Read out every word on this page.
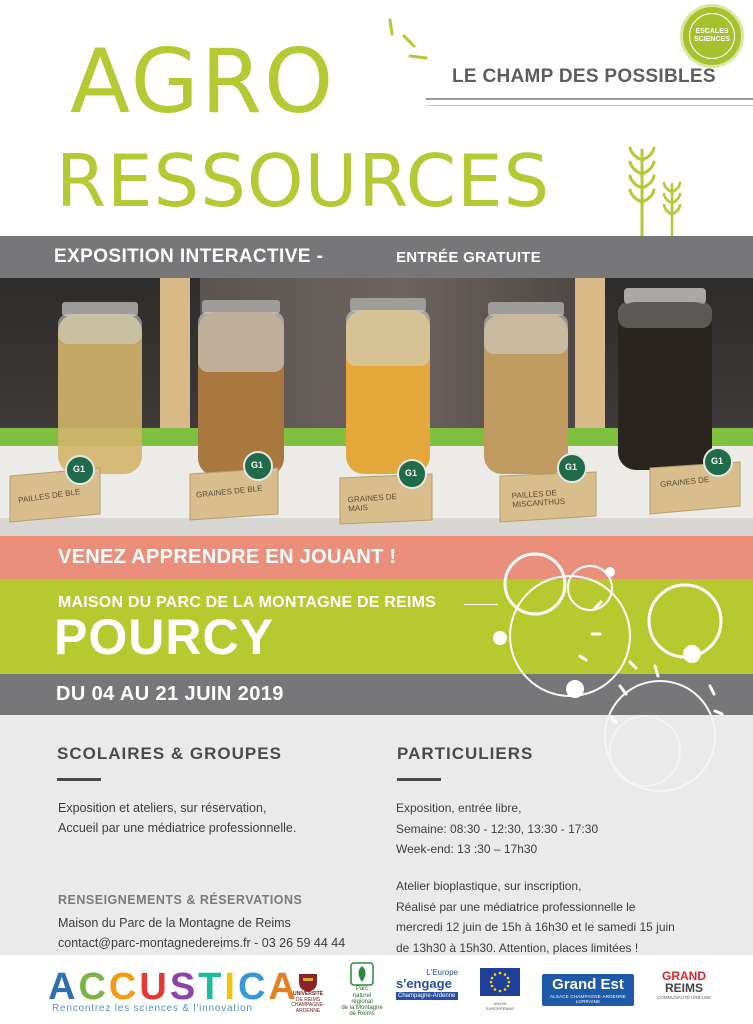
AGRO
RESSOURCES
LE CHAMP DES POSSIBLES
ESCALES
SCIENCES
EXPOSITION INTERACTIVE -	ENTRÉE GRATUITE
PAILLES DE BLE	GRAINES DE BLE	GRAINES DE MAIS
PAILLES DE MISCANTHUS
GRAINES DE
G1	G1
G1
G1
G1
VENEZ APPRENDRE EN JOUANT !
MAISON DU PARC DE LA MONTAGNE DE REIMS
POURCY
DU 04 AU 21 JUIN 2019
SCOLAIRES & GROUPES
Exposition et ateliers, sur réservation,
Accueil par une médiatrice professionnelle.
RENSEIGNEMENTS & RÉSERVATIONS
Maison du Parc de la Montagne de Reims
contact@parc-montagnedereims.fr - 03 26 59 44 44
PARTICULIERS
Exposition, entrée libre,
Semaine: 08:30 - 12:30, 13:30 - 17:30
Week-end: 13 :30 – 17h30
Atelier bioplastique, sur inscription,
Réalisé par une médiatrice professionnelle le
mercredi 12 juin de 15h à 16h30 et le samedi 15 juin
de 13h30 à 15h30. Attention, places limitées !
ACCUSTICA
Rencontrez les sciences & l'innovation
UNIVERSITÉ
DE REIMS
CHAMPAGNE-ARDENNE
Parc
naturel
régional
de la Montagne
de Reims
L'Europe
s'engage
Champagne-Ardenne
UNION EUROPÉENNE
Grand Est
ALSACE CHAMPAGNE-ARDENNE LORRAINE
GRAND
REIMS
COMMUNAUTÉ URBAINE
